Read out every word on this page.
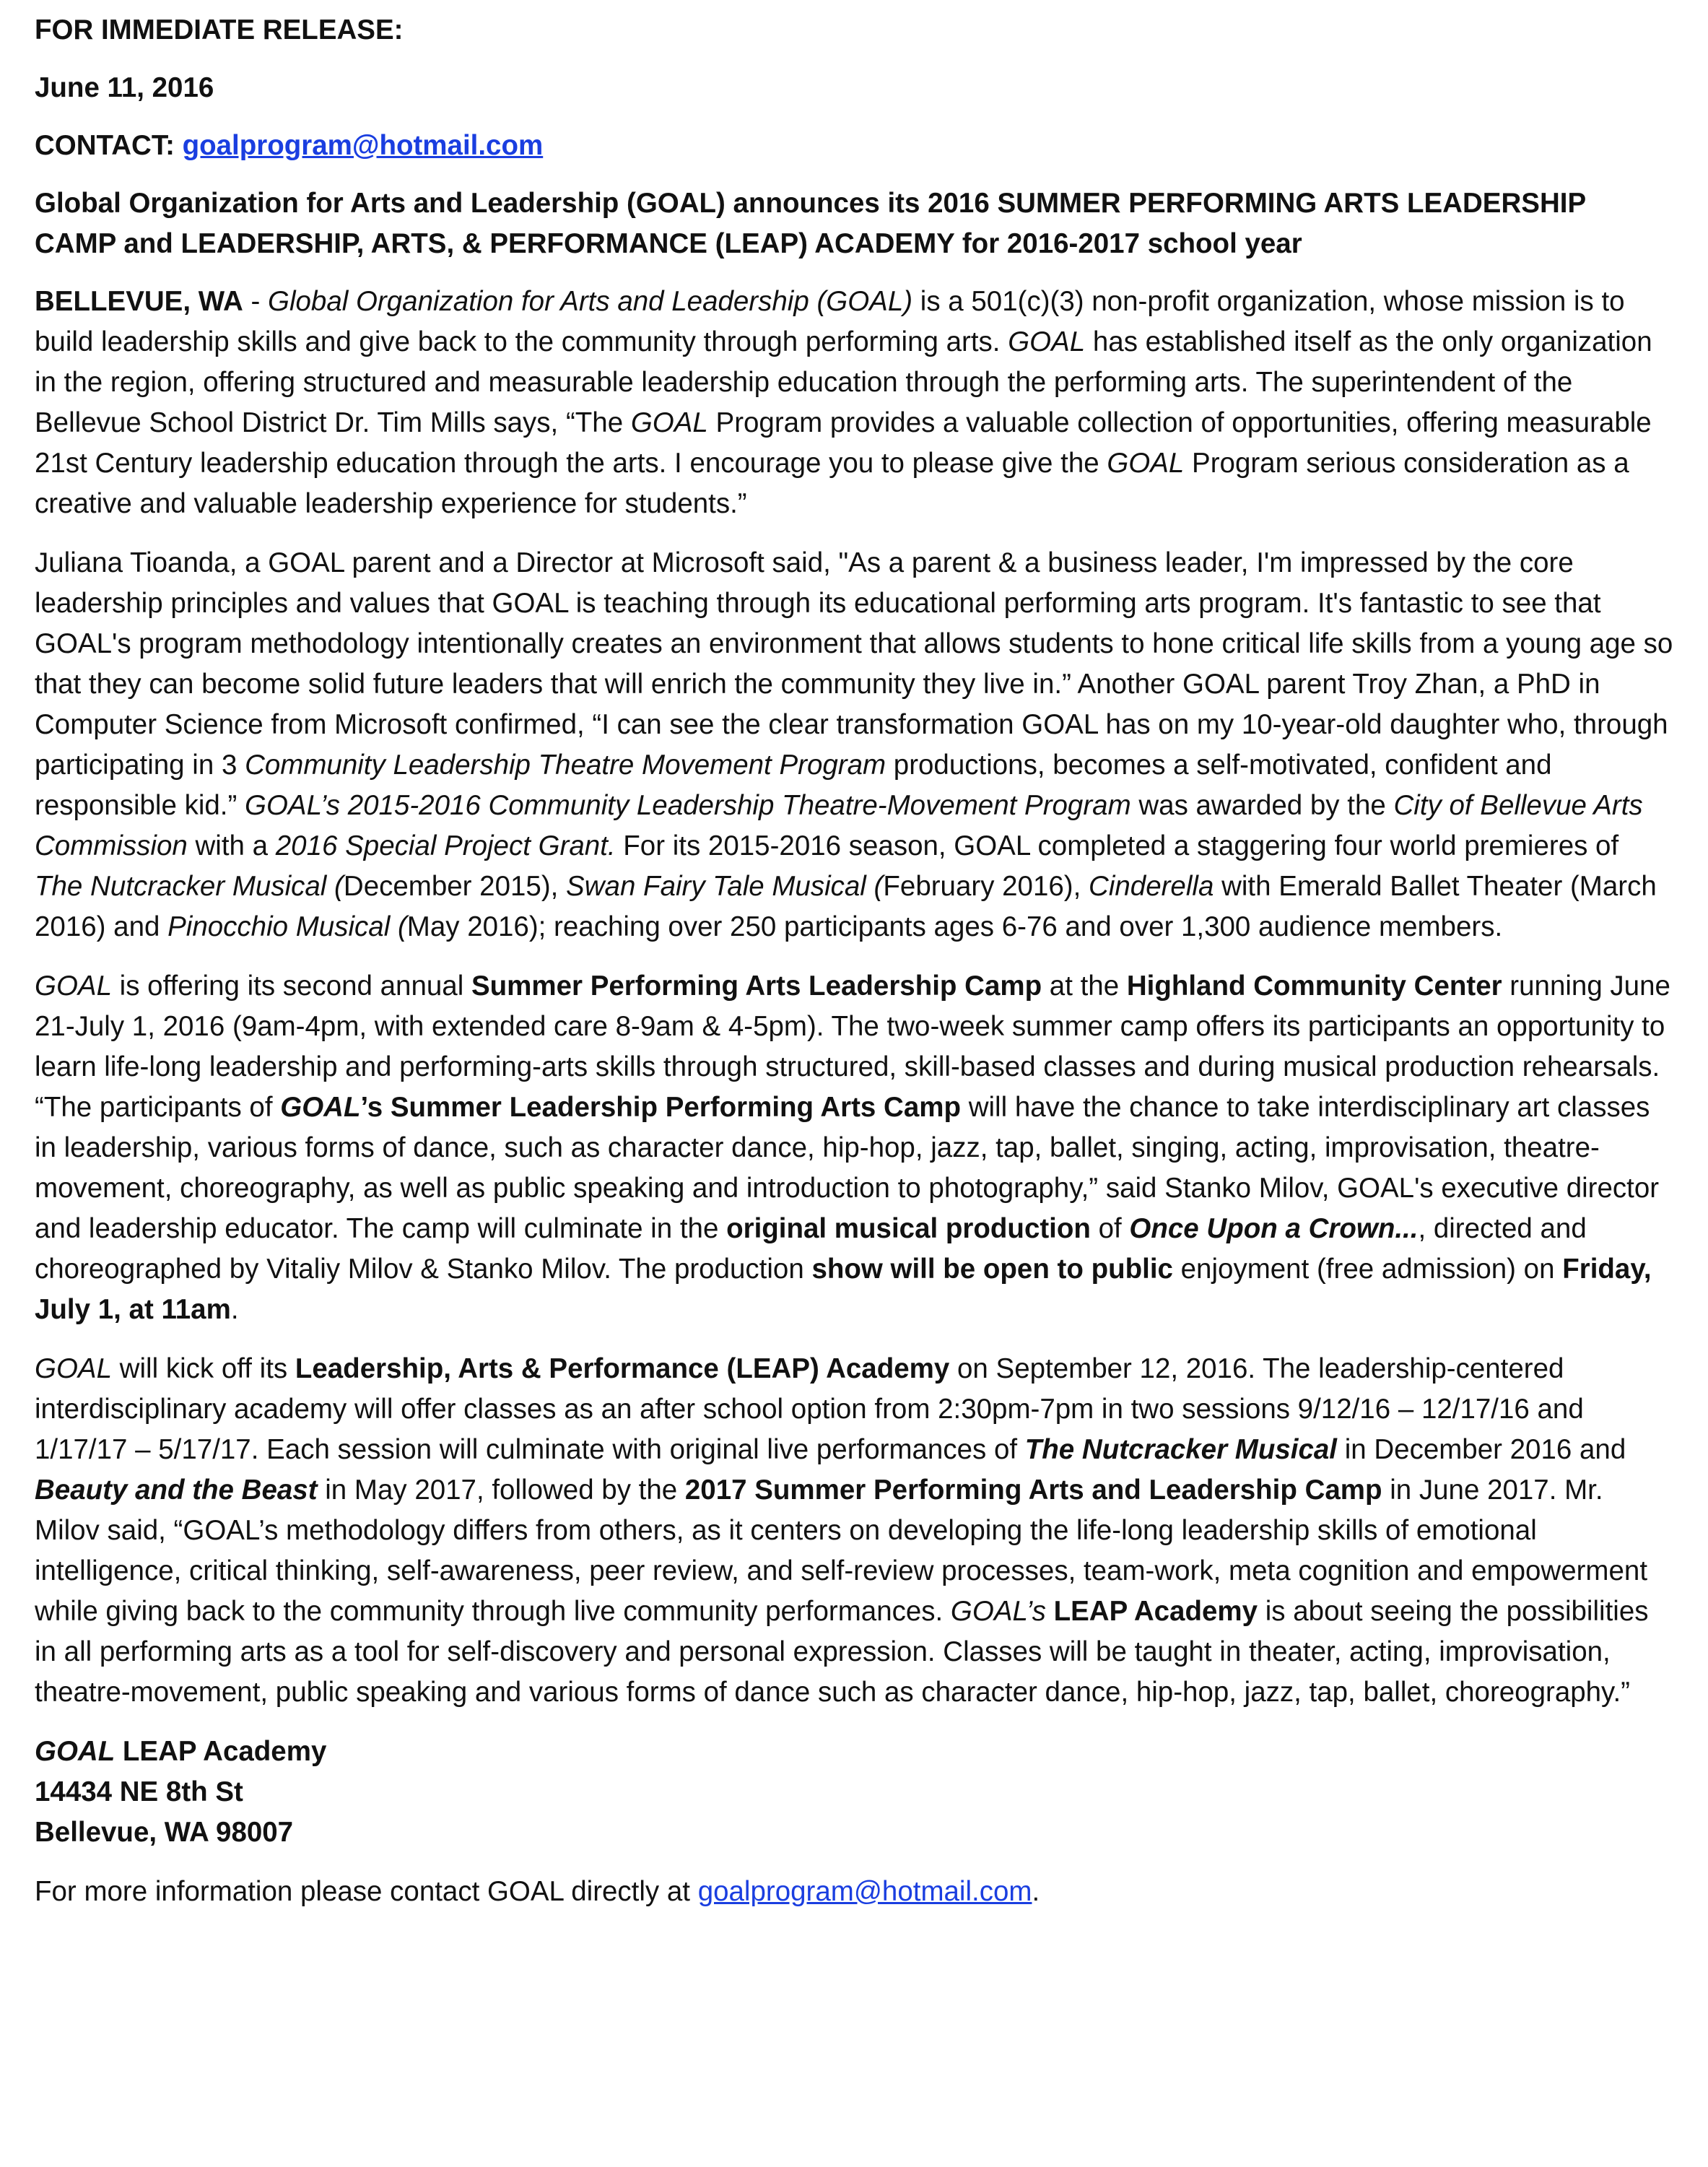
FOR IMMEDIATE RELEASE:

June 11, 2016

CONTACT: goalprogram@hotmail.com

Global Organization for Arts and Leadership (GOAL) announces its 2016 SUMMER PERFORMING ARTS LEADERSHIP CAMP and LEADERSHIP, ARTS, & PERFORMANCE (LEAP) ACADEMY for 2016-2017 school year

BELLEVUE, WA - Global Organization for Arts and Leadership (GOAL) is a 501(c)(3) non-profit organization, whose mission is to build leadership skills and give back to the community through performing arts. GOAL has established itself as the only organization in the region, offering structured and measurable leadership education through the performing arts. The superintendent of the Bellevue School District Dr. Tim Mills says, “The GOAL Program provides a valuable collection of opportunities, offering measurable 21st Century leadership education through the arts. I encourage you to please give the GOAL Program serious consideration as a creative and valuable leadership experience for students.”

Juliana Tioanda, a GOAL parent and a Director at Microsoft said, "As a parent & a business leader, I'm impressed by the core leadership principles and values that GOAL is teaching through its educational performing arts program. It's fantastic to see that GOAL's program methodology intentionally creates an environment that allows students to hone critical life skills from a young age so that they can become solid future leaders that will enrich the community they live in.” Another GOAL parent Troy Zhan, a PhD in Computer Science from Microsoft confirmed, “I can see the clear transformation GOAL has on my 10-year-old daughter who, through participating in 3 Community Leadership Theatre Movement Program productions, becomes a self-motivated, confident and responsible kid.” GOAL’s 2015-2016 Community Leadership Theatre-Movement Program was awarded by the City of Bellevue Arts Commission with a 2016 Special Project Grant. For its 2015-2016 season, GOAL completed a staggering four world premieres of The Nutcracker Musical (December 2015), Swan Fairy Tale Musical (February 2016), Cinderella with Emerald Ballet Theater (March 2016) and Pinocchio Musical (May 2016); reaching over 250 participants ages 6-76 and over 1,300 audience members.

GOAL is offering its second annual Summer Performing Arts Leadership Camp at the Highland Community Center running June 21-July 1, 2016 (9am-4pm, with extended care 8-9am & 4-5pm). The two-week summer camp offers its participants an opportunity to learn life-long leadership and performing-arts skills through structured, skill-based classes and during musical production rehearsals. “The participants of GOAL’s Summer Leadership Performing Arts Camp will have the chance to take interdisciplinary art classes in leadership, various forms of dance, such as character dance, hip-hop, jazz, tap, ballet, singing, acting, improvisation, theatre-movement, choreography, as well as public speaking and introduction to photography,” said Stanko Milov, GOAL's executive director and leadership educator. The camp will culminate in the original musical production of Once Upon a Crown..., directed and choreographed by Vitaliy Milov & Stanko Milov. The production show will be open to public enjoyment (free admission) on Friday, July 1, at 11am.

GOAL will kick off its Leadership, Arts & Performance (LEAP) Academy on September 12, 2016. The leadership-centered interdisciplinary academy will offer classes as an after school option from 2:30pm-7pm in two sessions 9/12/16 – 12/17/16 and 1/17/17 – 5/17/17. Each session will culminate with original live performances of The Nutcracker Musical in December 2016 and Beauty and the Beast in May 2017, followed by the 2017 Summer Performing Arts and Leadership Camp in June 2017. Mr. Milov said, “GOAL’s methodology differs from others, as it centers on developing the life-long leadership skills of emotional intelligence, critical thinking, self-awareness, peer review, and self-review processes, team-work, meta cognition and empowerment while giving back to the community through live community performances. GOAL’s LEAP Academy is about seeing the possibilities in all performing arts as a tool for self-discovery and personal expression. Classes will be taught in theater, acting, improvisation, theatre-movement, public speaking and various forms of dance such as character dance, hip-hop, jazz, tap, ballet, choreography.”

GOAL LEAP Academy

14434 NE 8th St

Bellevue, WA 98007

For more information please contact GOAL directly at goalprogram@hotmail.com.
